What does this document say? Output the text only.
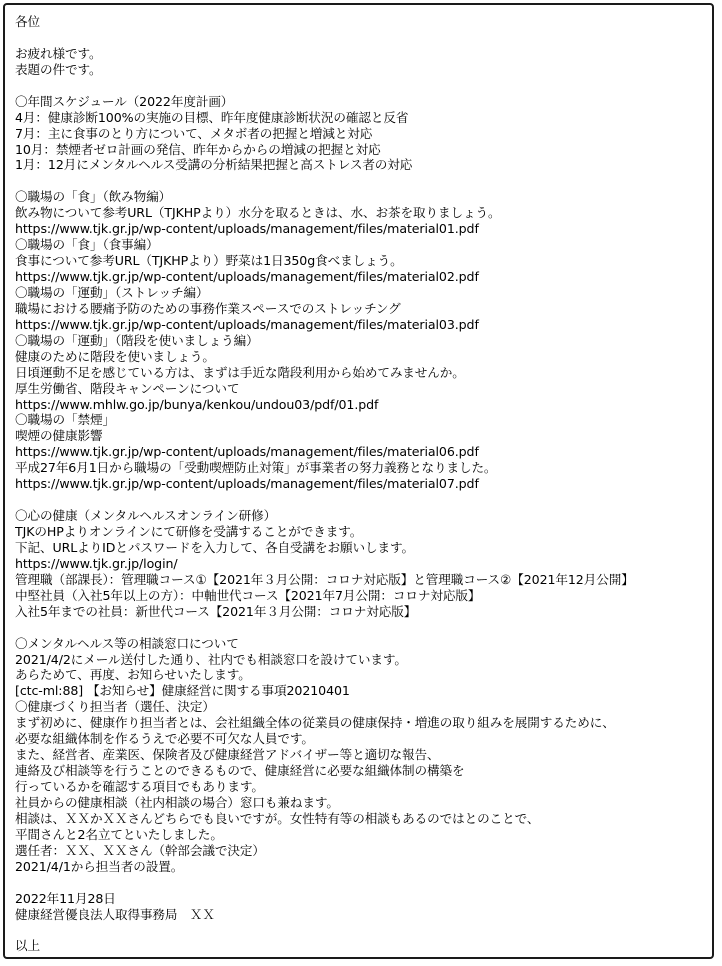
各位
お疲れ様です。
表題の件です。
〇年間スケジュール（2022年度計画）
4月：健康診断100%の実施の目標、昨年度健康診断状況の確認と反省
7月：主に食事のとり方について、メタボ者の把握と増減と対応
10月：禁煙者ゼロ計画の発信、昨年からからの増減の把握と対応
1月：12月にメンタルヘルス受講の分析結果把握と高ストレス者の対応
〇職場の「食」（飲み物編）
飲み物について参考URL（TJKHPより）水分を取るときは、水、お茶を取りましょう。
https://www.tjk.gr.jp/wp-content/uploads/management/files/material01.pdf
〇職場の「食」（食事編）
食事について参考URL（TJKHPより）野菜は1日350g食べましょう。
https://www.tjk.gr.jp/wp-content/uploads/management/files/material02.pdf
〇職場の「運動」（ストレッチ編）
職場における腰痛予防のための事務作業スペースでのストレッチング
https://www.tjk.gr.jp/wp-content/uploads/management/files/material03.pdf
〇職場の「運動」（階段を使いましょう編）
健康のために階段を使いましょう。
日頃運動不足を感じている方は、まずは手近な階段利用から始めてみませんか。
厚生労働省、階段キャンペーンについて
https://www.mhlw.go.jp/bunya/kenkou/undou03/pdf/01.pdf
〇職場の「禁煙」
喫煙の健康影響
https://www.tjk.gr.jp/wp-content/uploads/management/files/material06.pdf
平成27年6月1日から職場の「受動喫煙防止対策」が事業者の努力義務となりました。
https://www.tjk.gr.jp/wp-content/uploads/management/files/material07.pdf
〇心の健康（メンタルヘルスオンライン研修）
TJKのHPよりオンラインにて研修を受講することができます。
下記、URLよりIDとパスワードを入力して、各自受講をお願いします。
https://www.tjk.gr.jp/login/
管理職（部課長）：管理職コース①【2021年３月公開：コロナ対応版】と管理職コース②【2021年12月公開】
中堅社員（入社5年以上の方）：中軸世代コース【2021年7月公開：コロナ対応版】
入社5年までの社員：新世代コース【2021年３月公開：コロナ対応版】
〇メンタルヘルス等の相談窓口について
2021/4/2にメール送付した通り、社内でも相談窓口を設けています。
あらためて、再度、お知らせいたします。
[ctc-ml:88] 【お知らせ】健康経営に関する事項20210401
〇健康づくり担当者（選任、決定）
まず初めに、健康作り担当者とは、会社組織全体の従業員の健康保持・増進の取り組みを展開するために、
必要な組織体制を作るうえで必要不可欠な人員です。
また、経営者、産業医、保険者及び健康経営アドバイザー等と適切な報告、
連絡及び相談等を行うことのできるもので、健康経営に必要な組織体制の構築を
行っているかを確認する項目でもあります。
社員からの健康相談（社内相談の場合）窓口も兼ねます。
相談は、ＸＸかＸＸさんどちらでも良いですが。女性特有等の相談もあるのではとのことで、
平間さんと2名立てといたしました。
選任者：ＸＸ、ＸＸさん（幹部会議で決定）
2021/4/1から担当者の設置。
2022年11月28日
健康経営優良法人取得事務局　ＸＸ
以上
